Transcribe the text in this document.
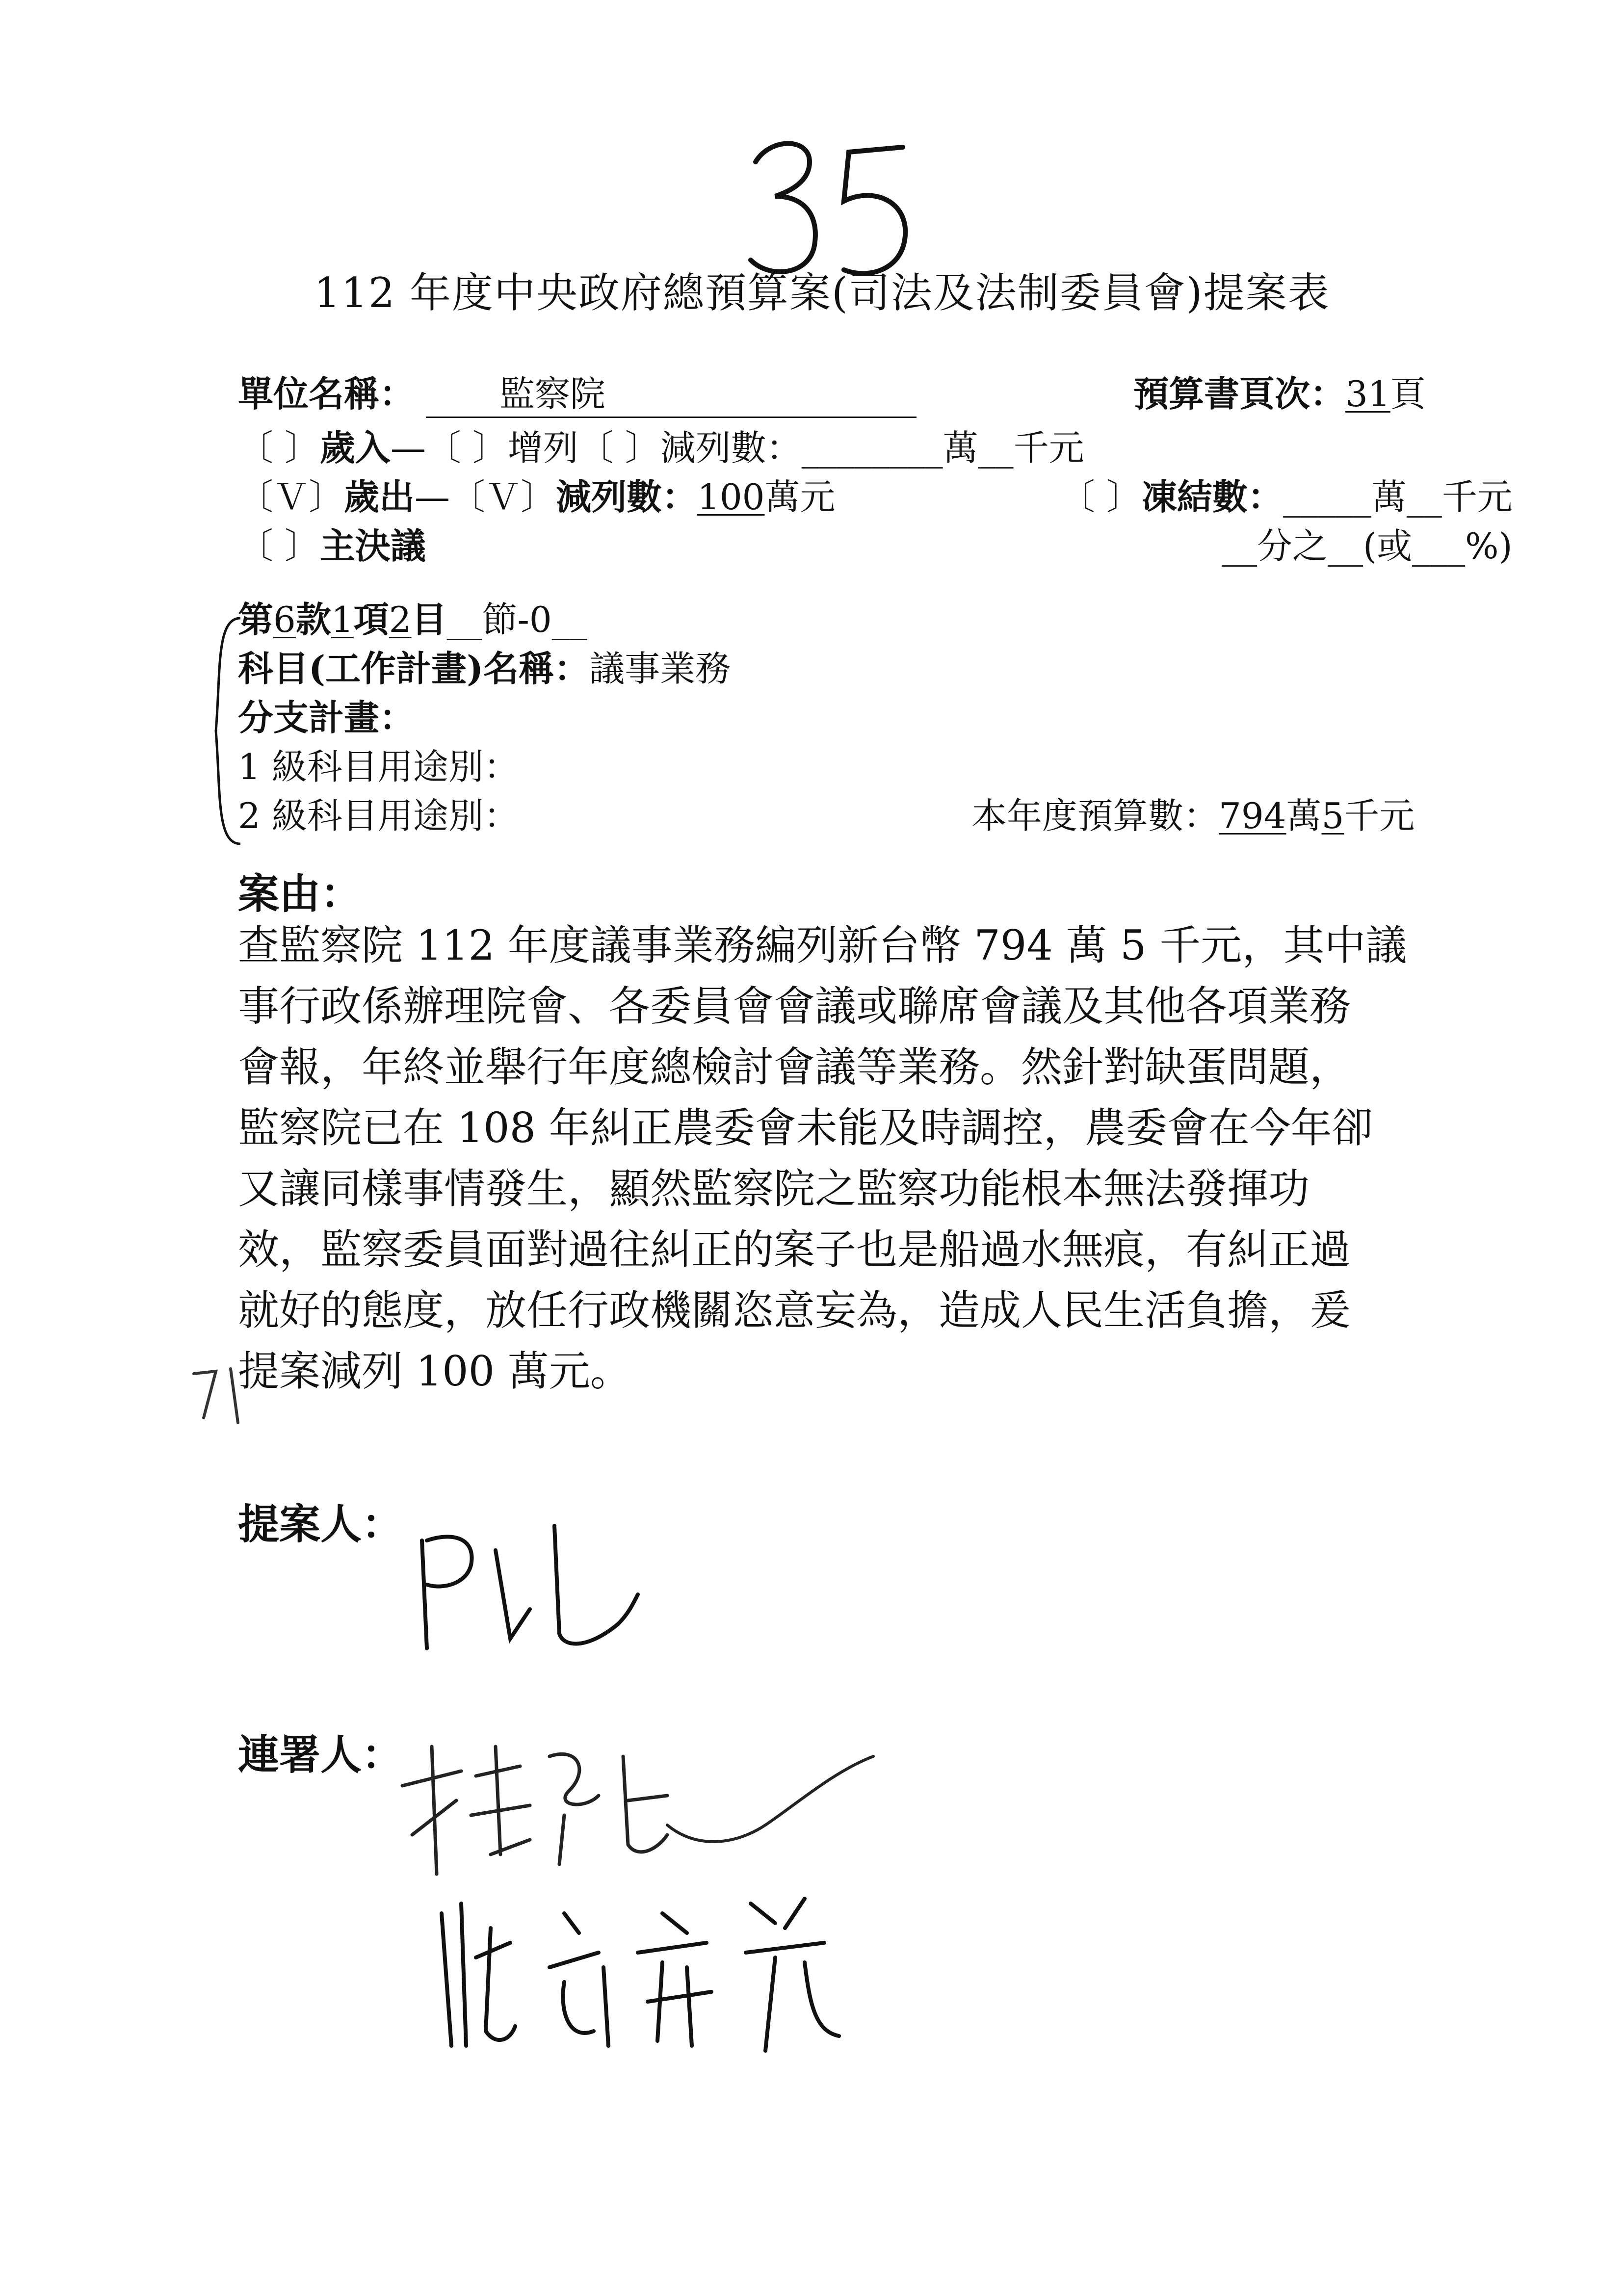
112 年度中央政府總預算案(司法及法制委員會)提案表
單位名稱： 監察院	預算書頁次：31頁
〔 〕歲入—〔 〕增列〔 〕減列數：________萬__千元
〔Ｖ〕歲出—〔Ｖ〕減列數：100萬元	〔 〕凍結數：_____萬__千元
〔 〕主決議	__分之__(或___%)
第6款1項2目__節-0__
科目(工作計畫)名稱：議事業務
分支計畫：
1 級科目用途別：
2 級科目用途別：	本年度預算數：794萬5千元
案由：
查監察院 112 年度議事業務編列新台幣 794 萬 5 千元，其中議
事行政係辦理院會、各委員會會議或聯席會議及其他各項業務
會報，年終並舉行年度總檢討會議等業務。然針對缺蛋問題，
監察院已在 108 年糾正農委會未能及時調控，農委會在今年卻
又讓同樣事情發生，顯然監察院之監察功能根本無法發揮功
效，監察委員面對過往糾正的案子也是船過水無痕，有糾正過
就好的態度，放任行政機關恣意妄為，造成人民生活負擔，爰
提案減列 100 萬元。
提案人：
連署人：
